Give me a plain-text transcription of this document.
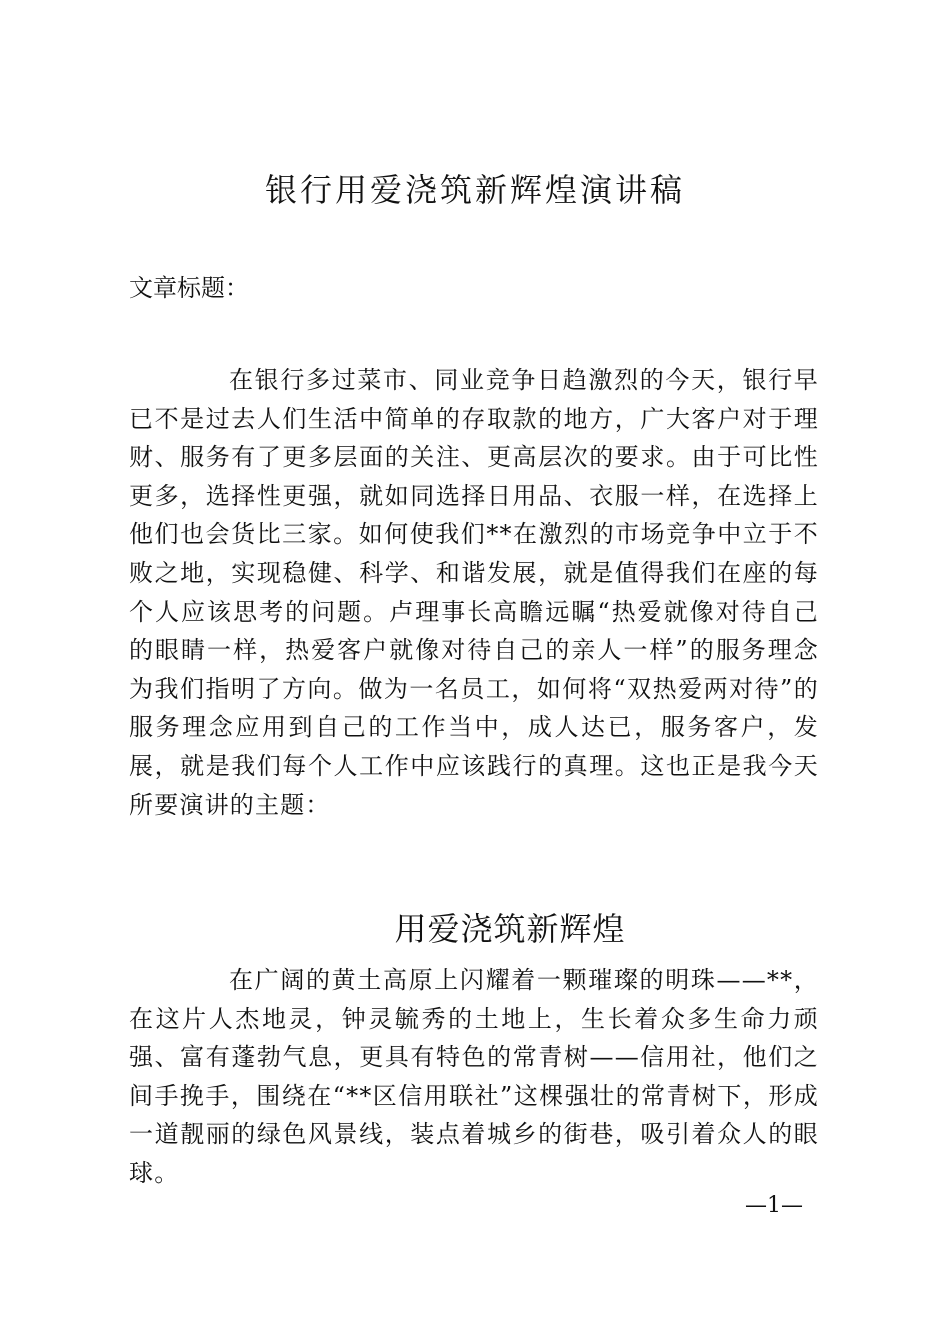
银行用爱浇筑新辉煌演讲稿
文章标题：

在银行多过菜市、同业竞争日趋激烈的今天，银行早已不是过去人们生活中简单的存取款的地方，广大客户对于理财、服务有了更多层面的关注、更高层次的要求。由于可比性更多，选择性更强，就如同选择日用品、衣服一样，在选择上他们也会货比三家。如何使我们**在激烈的市场竞争中立于不败之地，实现稳健、科学、和谐发展，就是值得我们在座的每个人应该思考的问题。卢理事长高瞻远瞩“热爱就像对待自己的眼睛一样，热爱客户就像对待自己的亲人一样”的服务理念为我们指明了方向。做为一名员工，如何将“双热爱两对待”的服务理念应用到自己的工作当中，成人达已，服务客户，发展，就是我们每个人工作中应该践行的真理。这也正是我今天所要演讲的主题：

用爱浇筑新辉煌

在广阔的黄土高原上闪耀着一颗璀璨的明珠——**，在这片人杰地灵，钟灵毓秀的土地上，生长着众多生命力顽强、富有蓬勃气息，更具有特色的常青树——信用社，他们之间手挽手，围绕在“**区信用联社”这棵强壮的常青树下，形成一道靓丽的绿色风景线，装点着城乡的街巷，吸引着众人的眼球。

—1—
